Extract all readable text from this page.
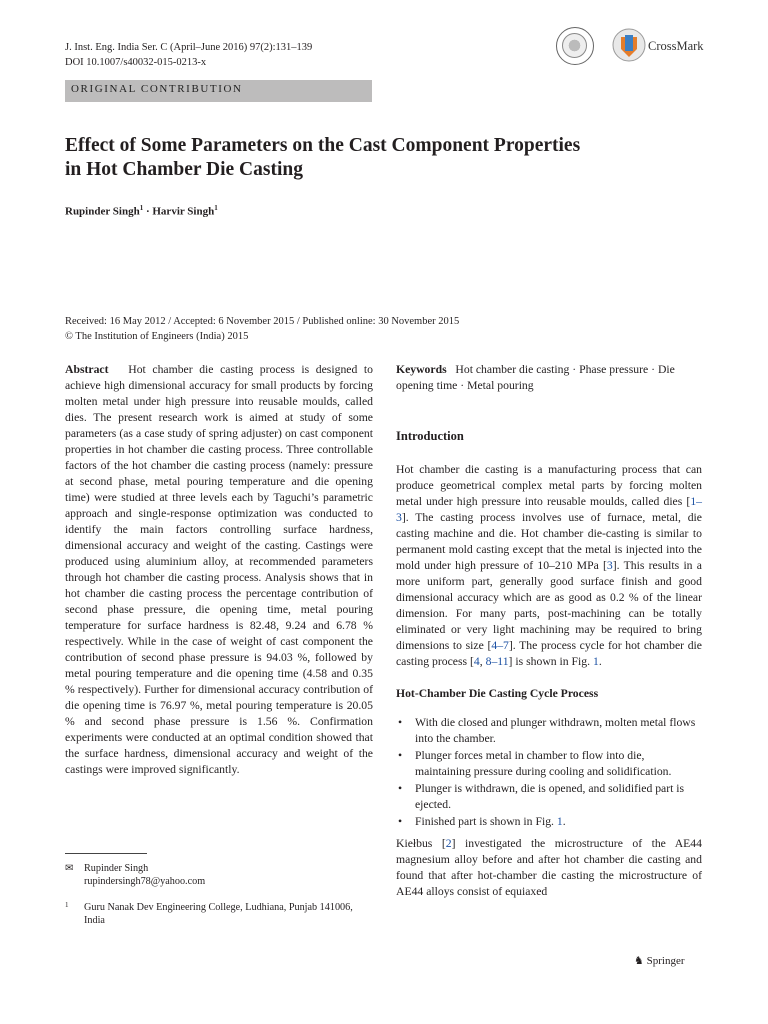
J. Inst. Eng. India Ser. C (April–June 2016) 97(2):131–139
DOI 10.1007/s40032-015-0213-x
CrossMark
ORIGINAL CONTRIBUTION
Effect of Some Parameters on the Cast Component Properties
in Hot Chamber Die Casting
Rupinder Singh$^1$ · Harvir Singh$^1$
Received: 16 May 2012 / Accepted: 6 November 2015 / Published online: 30 November 2015
© The Institution of Engineers (India) 2015

Abstract Hot chamber die casting process is designed to achieve high dimensional accuracy for small products by forcing molten metal under high pressure into reusable moulds, called dies. The present research work is aimed at study of some parameters (as a case study of spring adjuster) on cast component properties in hot chamber die casting process. Three controllable factors of the hot chamber die casting process (namely: pressure at second phase, metal pouring temperature and die opening time) were studied at three levels each by Taguchi’s parametric approach and single-response optimization was conducted to identify the main factors controlling surface hardness, dimensional accuracy and weight of the casting. Castings were produced using aluminium alloy, at recommended parameters through hot chamber die casting process. Analysis shows that in hot chamber die casting process the percentage contribution of second phase pressure, die opening time, metal pouring temperature for surface hardness is 82.48, 9.24 and 6.78 % respectively. While in the case of weight of cast component the contribution of second phase pressure is 94.03 %, followed by metal pouring temperature and die opening time (4.58 and 0.35 % respectively). Further for dimensional accuracy contribution of die opening time is 76.97 %, metal pouring temperature is 20.05 % and second phase pressure is 1.56 %. Confirmation experiments were conducted at an optimal condition showed that the surface hardness, dimensional accuracy and weight of the castings were improved significantly.

Keywords Hot chamber die casting · Phase pressure · Die opening time · Metal pouring

Introduction

Hot chamber die casting is a manufacturing process that can produce geometrical complex metal parts by forcing molten metal under high pressure into reusable moulds, called dies [1–3]. The casting process involves use of furnace, metal, die casting machine and die. Hot chamber die-casting is similar to permanent mold casting except that the metal is injected into the mold under high pressure of 10–210 MPa [3]. This results in a more uniform part, generally good surface finish and good dimensional accuracy which are as good as 0.2 % of the linear dimension. For many parts, post-machining can be totally eliminated or very light machining may be required to bring dimensions to size [4–7]. The process cycle for hot chamber die casting process [4, 8–11] is shown in Fig. 1.

Hot-Chamber Die Casting Cycle Process
• With die closed and plunger withdrawn, molten metal flows into the chamber.
• Plunger forces metal in chamber to flow into die, maintaining pressure during cooling and solidification.
• Plunger is withdrawn, die is opened, and solidified part is ejected.
• Finished part is shown in Fig. 1.

Kiełbus [2] investigated the microstructure of the AE44 magnesium alloy before and after hot chamber die casting and found that after hot-chamber die casting the microstructure of AE44 alloys consist of equiaxed

✉ Rupinder Singh
rupindersingh78@yahoo.com
$^1$ Guru Nanak Dev Engineering College, Ludhiana, Punjab 141006, India
♞ Springer
